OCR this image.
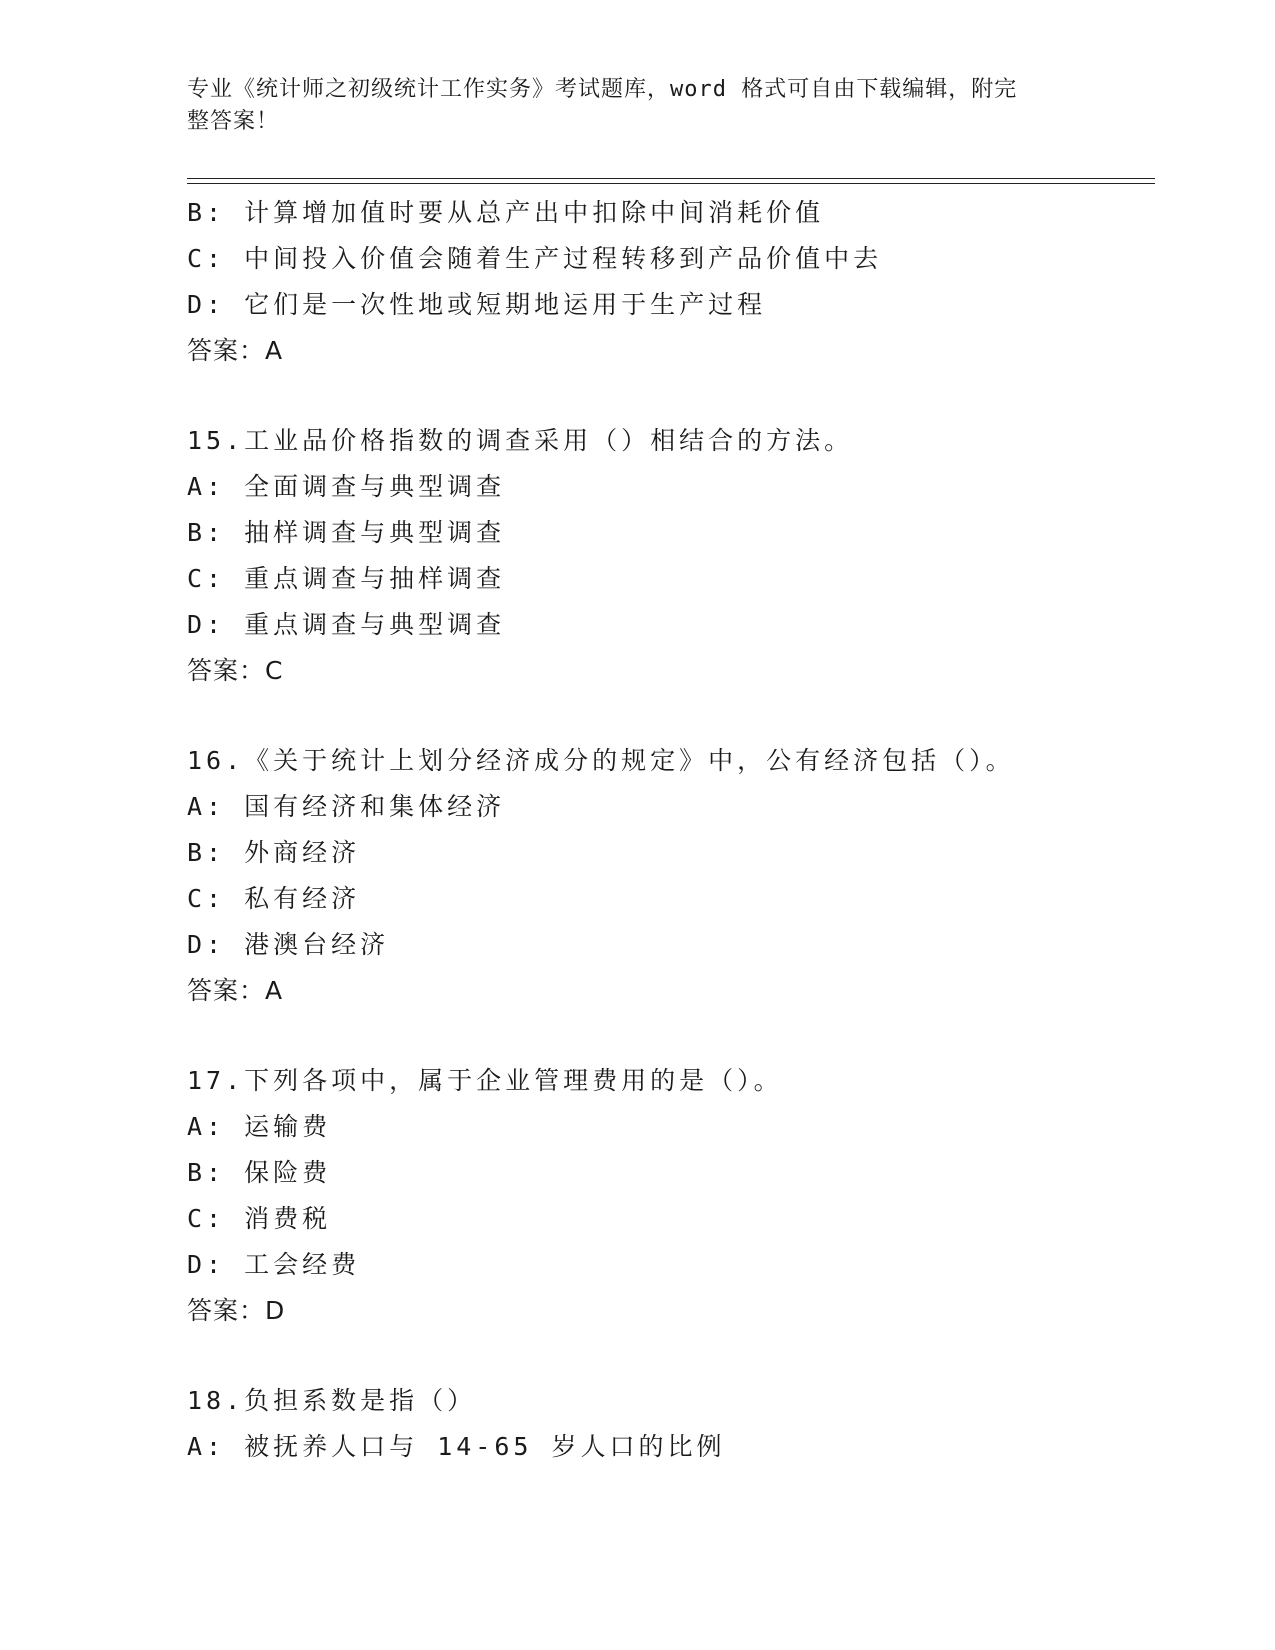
专业《统计师之初级统计工作实务》考试题库，word 格式可自由下载编辑，附完
整答案！
B: 计算增加值时要从总产出中扣除中间消耗价值
C: 中间投入价值会随着生产过程转移到产品价值中去
D: 它们是一次性地或短期地运用于生产过程
答案：A
15.工业品价格指数的调查采用（）相结合的方法。
A: 全面调查与典型调查
B: 抽样调查与典型调查
C: 重点调查与抽样调查
D: 重点调查与典型调查
答案：C
16.《关于统计上划分经济成分的规定》中，公有经济包括（）。
A: 国有经济和集体经济
B: 外商经济
C: 私有经济
D: 港澳台经济
答案：A
17.下列各项中，属于企业管理费用的是（）。
A: 运输费
B: 保险费
C: 消费税
D: 工会经费
答案：D
18.负担系数是指（）
A: 被抚养人口与 14-65 岁人口的比例
